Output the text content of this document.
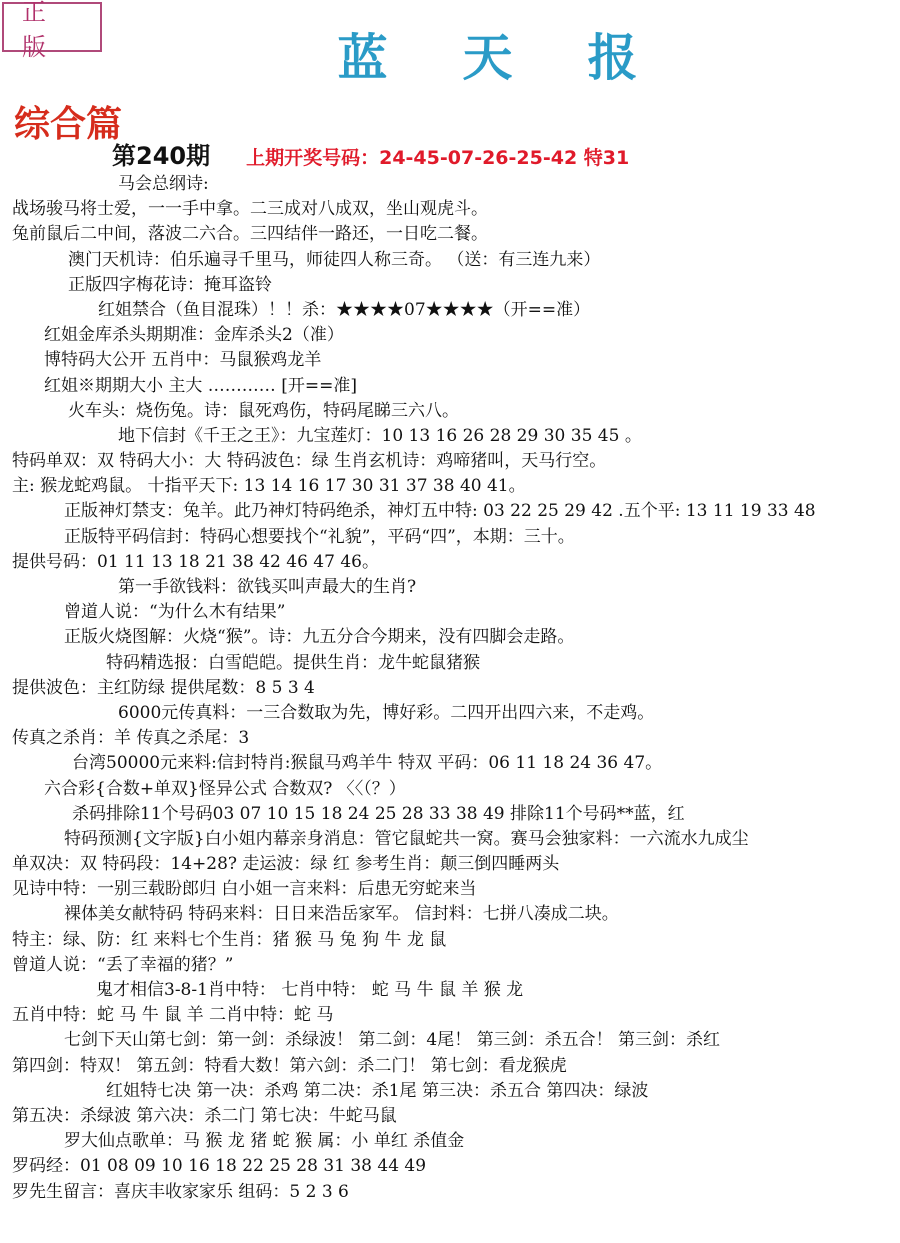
正版	蓝天报
综合篇
第240期 上期开奖号码：24-45-07-26-25-42 特31
马会总纲诗:
战场骏马将士爱，一一手中拿。二三成对八成双，坐山观虎斗。
兔前鼠后二中间，落波二六合。三四结伴一路还，一日吃二餐。
澳门天机诗：伯乐遍寻千里马，师徒四人称三奇。 （送：有三连九来）
正版四字梅花诗：掩耳盗铃
红姐禁合（鱼目混珠）！！杀：★★★★07★★★★（开==准）
红姐金库杀头期期准：金库杀头2（准）
博特码大公开 五肖中：马鼠猴鸡龙羊
红姐※期期大小 主大 ………… [开==准]
火车头：烧伤兔。诗：鼠死鸡伤，特码尾睇三六八。
地下信封《千王之王》：九宝莲灯：10 13 16 26 28 29 30 35 45 。
特码单双：双 特码大小：大 特码波色：绿 生肖玄机诗：鸡啼猪叫，天马行空。
主: 猴龙蛇鸡鼠。 十指平天下: 13 14 16 17 30 31 37 38 40 41。
正版神灯禁支：兔羊。此乃神灯特码绝杀，神灯五中特: 03 22 25 29 42 .五个平: 13 11 19 33 48
正版特平码信封：特码心想要找个“礼貌”，平码“四”，本期：三十。
提供号码：01 11 13 18 21 38 42 46 47 46。
第一手欲钱料：欲钱买叫声最大的生肖?
曾道人说：“为什么木有结果”
正版火烧图解：火烧“猴”。诗：九五分合今期来，没有四脚会走路。
特码精选报：白雪皑皑。提供生肖：龙牛蛇鼠猪猴
提供波色：主红防绿 提供尾数：8 5 3 4
6000元传真料：一三合数取为先，博好彩。二四开出四六来，不走鸡。
传真之杀肖：羊 传真之杀尾：3
台湾50000元来料:信封特肖:猴鼠马鸡羊牛 特双 平码：06 11 18 24 36 47。
六合彩{合数+单双}怪异公式 合数双? 〈〈（？）
杀码排除11个号码03 07 10 15 18 24 25 28 33 38 49 排除11个号码**蓝，红
特码预测{文字版}白小姐内幕亲身消息：管它鼠蛇共一窝。赛马会独家料：一六流水九成尘
单双决：双 特码段：14+28? 走运波：绿 红 参考生肖：颠三倒四睡两头
见诗中特：一别三载盼郎归 白小姐一言来料：后患无穷蛇来当
裸体美女献特码 特码来料：日日来浩岳家军。 信封料：七拼八凑成二块。
特主：绿、防：红 来料七个生肖：猪 猴 马 兔 狗 牛 龙 鼠
曾道人说：“丢了幸福的猪？”
鬼才相信3-8-1肖中特： 七肖中特： 蛇 马 牛 鼠 羊 猴 龙
五肖中特：蛇 马 牛 鼠 羊 二肖中特：蛇 马
七剑下天山第七剑：第一剑：杀绿波！ 第二剑：4尾！ 第三剑：杀五合！ 第三剑：杀红
第四剑：特双！ 第五剑：特看大数！第六剑：杀二门！ 第七剑：看龙猴虎
红姐特七决 第一决：杀鸡 第二决：杀1尾 第三决：杀五合 第四决：绿波
第五决：杀绿波 第六决：杀二门 第七决：牛蛇马鼠
罗大仙点歌单：马 猴 龙 猪 蛇 猴 属：小 单红 杀值金
罗码经：01 08 09 10 16 18 22 25 28 31 38 44 49
罗先生留言：喜庆丰收家家乐 组码：5 2 3 6
